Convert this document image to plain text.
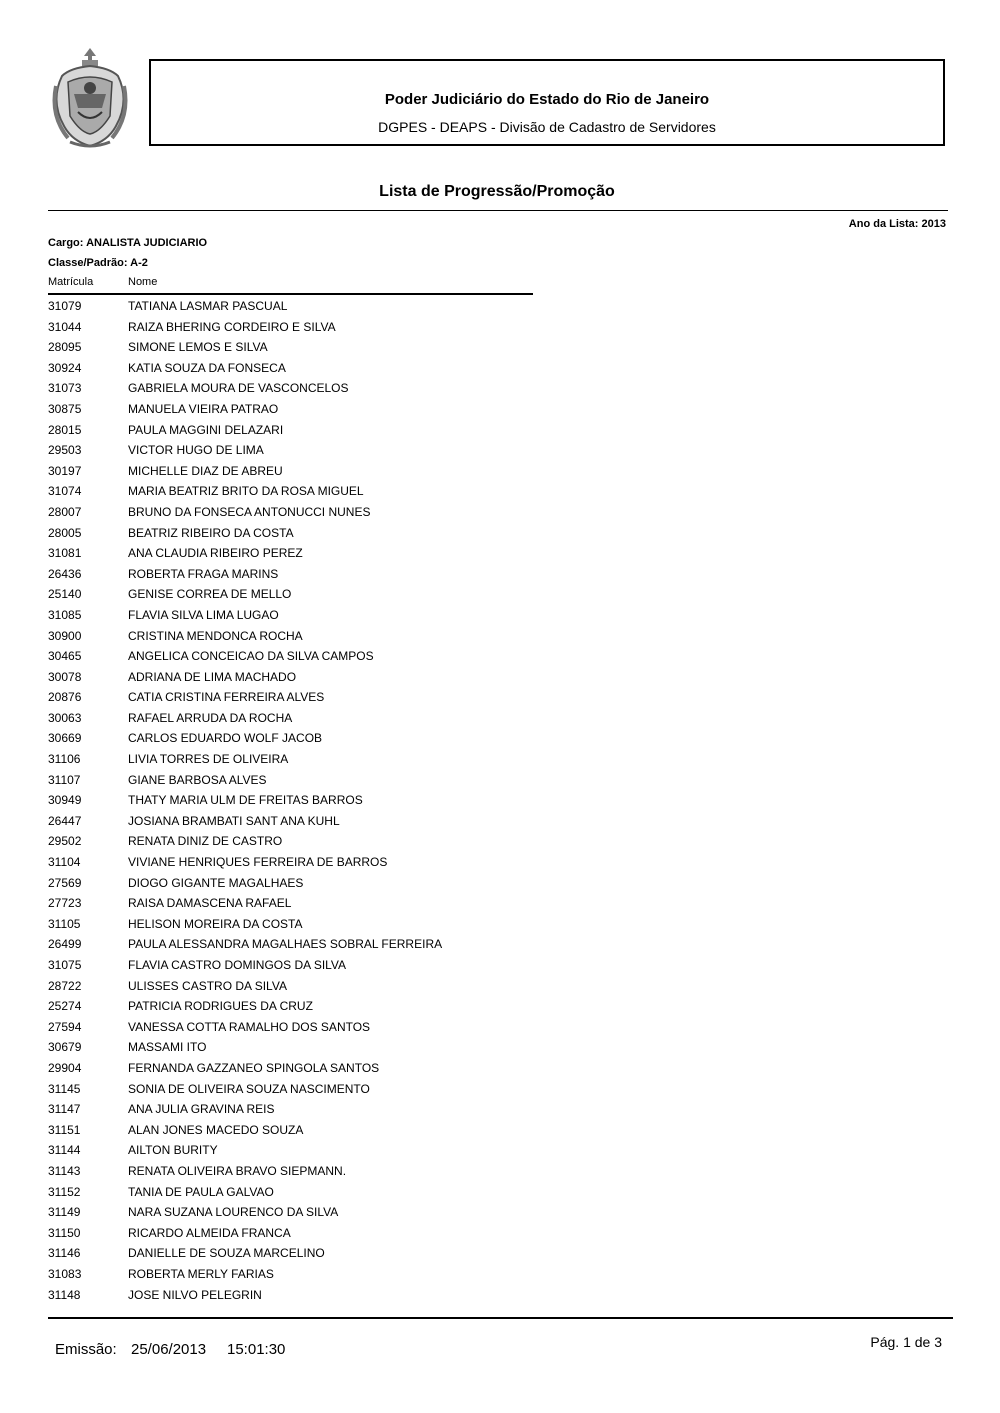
Poder Judiciário do Estado do Rio de Janeiro
DGPES - DEAPS - Divisão de Cadastro de Servidores
Lista de Progressão/Promoção
Ano da Lista: 2013
Cargo: ANALISTA JUDICIARIO
Classe/Padrão: A-2
Matrícula	Nome
31079	TATIANA LASMAR PASCUAL
31044	RAIZA BHERING CORDEIRO E SILVA
28095	SIMONE LEMOS E SILVA
30924	KATIA SOUZA DA FONSECA
31073	GABRIELA MOURA DE VASCONCELOS
30875	MANUELA VIEIRA PATRAO
28015	PAULA MAGGINI DELAZARI
29503	VICTOR HUGO DE LIMA
30197	MICHELLE DIAZ DE ABREU
31074	MARIA BEATRIZ BRITO DA ROSA MIGUEL
28007	BRUNO DA FONSECA ANTONUCCI NUNES
28005	BEATRIZ RIBEIRO DA COSTA
31081	ANA CLAUDIA RIBEIRO PEREZ
26436	ROBERTA FRAGA MARINS
25140	GENISE CORREA DE MELLO
31085	FLAVIA SILVA LIMA LUGAO
30900	CRISTINA MENDONCA ROCHA
30465	ANGELICA CONCEICAO DA SILVA CAMPOS
30078	ADRIANA DE LIMA MACHADO
20876	CATIA CRISTINA FERREIRA ALVES
30063	RAFAEL ARRUDA DA ROCHA
30669	CARLOS EDUARDO WOLF JACOB
31106	LIVIA TORRES DE OLIVEIRA
31107	GIANE BARBOSA ALVES
30949	THATY MARIA ULM DE FREITAS BARROS
26447	JOSIANA BRAMBATI SANT ANA KUHL
29502	RENATA DINIZ DE CASTRO
31104	VIVIANE HENRIQUES FERREIRA DE BARROS
27569	DIOGO GIGANTE MAGALHAES
27723	RAISA DAMASCENA RAFAEL
31105	HELISON MOREIRA DA COSTA
26499	PAULA ALESSANDRA MAGALHAES SOBRAL FERREIRA
31075	FLAVIA CASTRO DOMINGOS DA SILVA
28722	ULISSES CASTRO DA SILVA
25274	PATRICIA RODRIGUES DA CRUZ
27594	VANESSA COTTA RAMALHO DOS SANTOS
30679	MASSAMI ITO
29904	FERNANDA GAZZANEO SPINGOLA SANTOS
31145	SONIA DE OLIVEIRA SOUZA NASCIMENTO
31147	ANA JULIA GRAVINA REIS
31151	ALAN JONES MACEDO SOUZA
31144	AILTON BURITY
31143	RENATA OLIVEIRA BRAVO SIEPMANN.
31152	TANIA DE PAULA GALVAO
31149	NARA SUZANA LOURENCO DA SILVA
31150	RICARDO ALMEIDA FRANCA
31146	DANIELLE DE SOUZA MARCELINO
31083	ROBERTA MERLY FARIAS
31148	JOSE NILVO PELEGRIN
Emissão: 25/06/2013 15:01:30	Pág. 1 de 3
